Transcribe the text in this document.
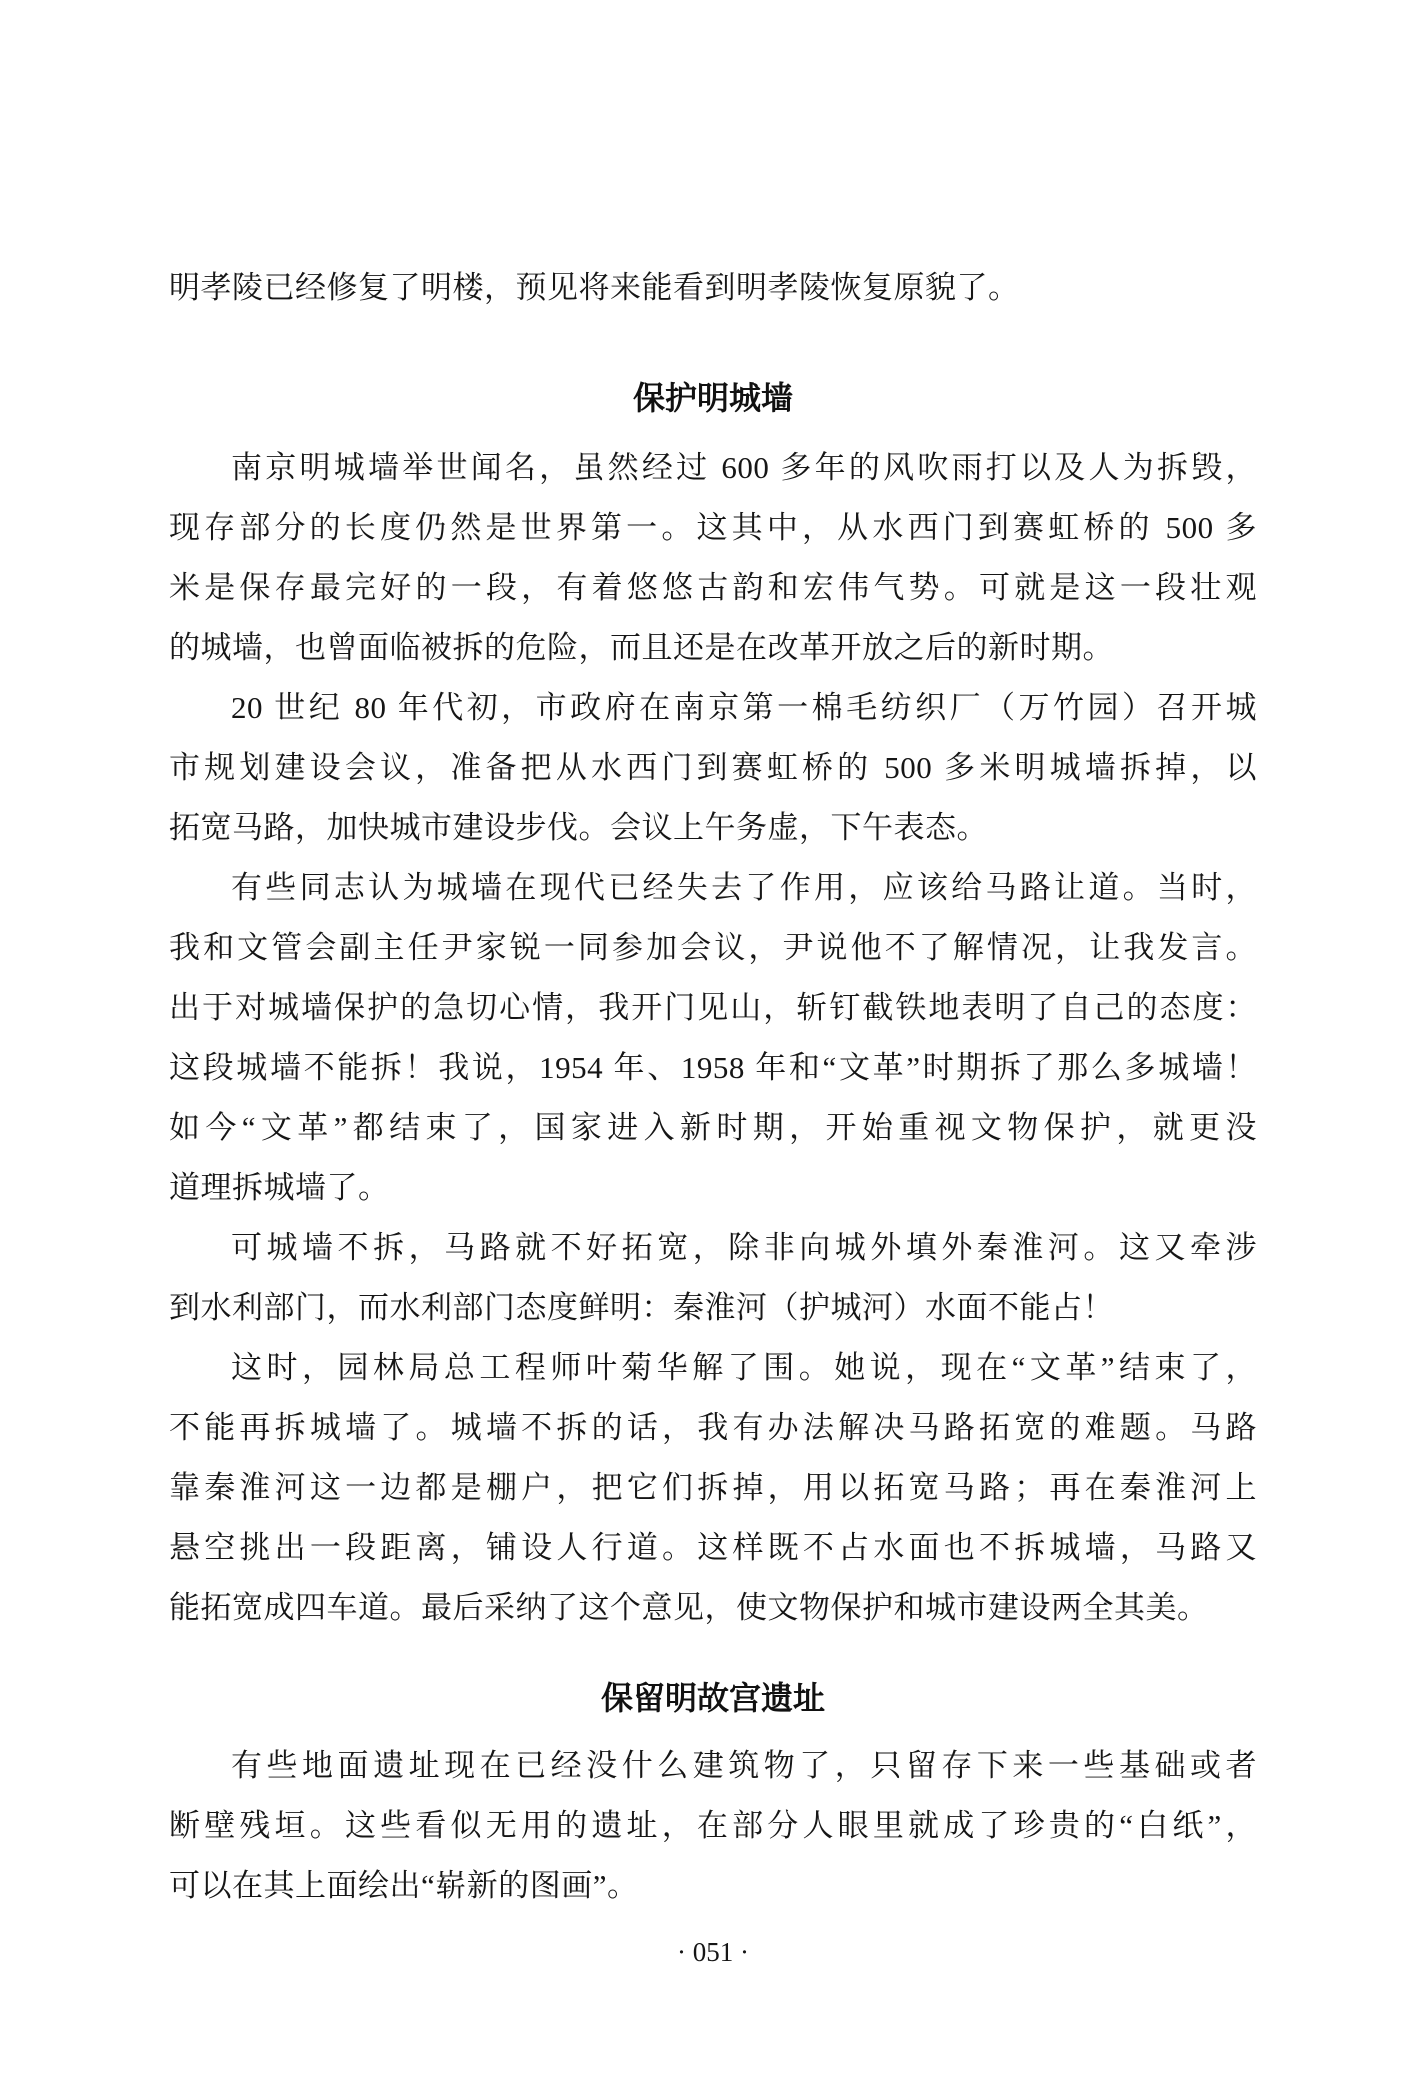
明孝陵已经修复了明楼，预见将来能看到明孝陵恢复原貌了。
保护明城墙
南京明城墙举世闻名，虽然经过 600 多年的风吹雨打以及人为拆毁，
现存部分的长度仍然是世界第一。这其中，从水西门到赛虹桥的 500 多
米是保存最完好的一段，有着悠悠古韵和宏伟气势。可就是这一段壮观
的城墙，也曾面临被拆的危险，而且还是在改革开放之后的新时期。
20 世纪 80 年代初，市政府在南京第一棉毛纺织厂（万竹园）召开城
市规划建设会议，准备把从水西门到赛虹桥的 500 多米明城墙拆掉，以
拓宽马路，加快城市建设步伐。会议上午务虚，下午表态。
有些同志认为城墙在现代已经失去了作用，应该给马路让道。当时，
我和文管会副主任尹家锐一同参加会议，尹说他不了解情况，让我发言。
出于对城墙保护的急切心情，我开门见山，斩钉截铁地表明了自己的态度：
这段城墙不能拆！我说，1954 年、1958 年和“文革”时期拆了那么多城墙！
如今“文革”都结束了，国家进入新时期，开始重视文物保护，就更没
道理拆城墙了。
可城墙不拆，马路就不好拓宽，除非向城外填外秦淮河。这又牵涉
到水利部门，而水利部门态度鲜明：秦淮河（护城河）水面不能占！
这时，园林局总工程师叶菊华解了围。她说，现在“文革”结束了，
不能再拆城墙了。城墙不拆的话，我有办法解决马路拓宽的难题。马路
靠秦淮河这一边都是棚户，把它们拆掉，用以拓宽马路；再在秦淮河上
悬空挑出一段距离，铺设人行道。这样既不占水面也不拆城墙，马路又
能拓宽成四车道。最后采纳了这个意见，使文物保护和城市建设两全其美。
保留明故宫遗址
有些地面遗址现在已经没什么建筑物了，只留存下来一些基础或者
断壁残垣。这些看似无用的遗址，在部分人眼里就成了珍贵的“白纸”，
可以在其上面绘出“崭新的图画”。
· 051 ·
